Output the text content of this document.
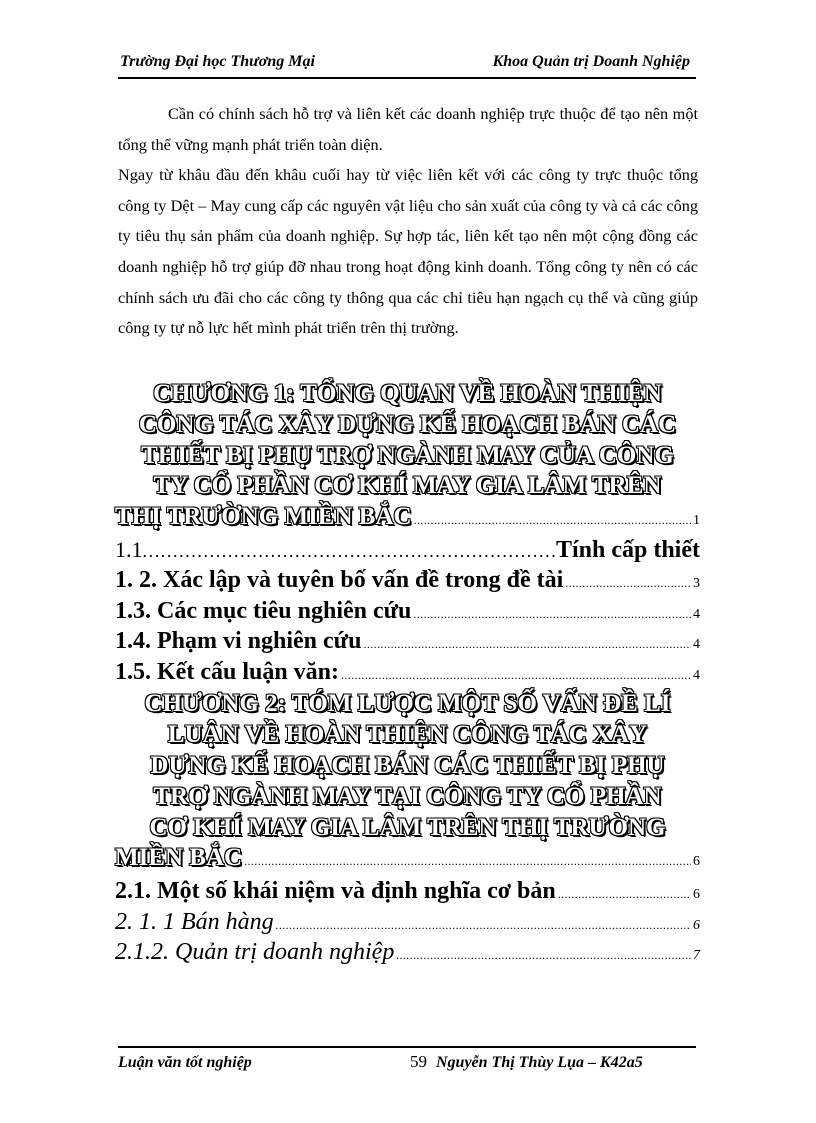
Trường Đại học Thương Mại	Khoa Quản trị Doanh Nghiệp

Cần có chính sách hỗ trợ và liên kết các doanh nghiệp trực thuộc để tạo nên một tổng thể vững mạnh phát triển toàn diện.

Ngay từ khâu đầu đến khâu cuối hay từ việc liên kết với các công ty trực thuộc tổng công ty Dệt – May cung cấp các nguyên vật liệu cho sản xuất của công ty và cả các công ty tiêu thụ sản phẩm của doanh nghiệp. Sự hợp tác, liên kết tạo nên một cộng đồng các doanh nghiệp hỗ trợ giúp đỡ nhau trong hoạt động kinh doanh. Tổng công ty nên có các chính sách ưu đãi cho các công ty thông qua các chỉ tiêu hạn ngạch cụ thể và cũng giúp công ty tự nỗ lực hết mình phát triển trên thị trường.

CHƯƠNG 1: TỔNG QUAN VỀ HOÀN THIỆN
CÔNG TÁC XÂY DỰNG KẾ HOẠCH BÁN CÁC
THIẾT BỊ PHỤ TRỢ NGÀNH MAY CỦA CÔNG
TY CỔ PHẦN CƠ KHÍ MAY GIA LÂM TRÊN
THỊ TRƯỜNG MIỀN BẮC .....	1
1.1 .....	Tính cấp thiết
1. 2. Xác lập và tuyên bố vấn đề trong đề tài .....	3
1.3. Các mục tiêu nghiên cứu .....	4
1.4. Phạm vi nghiên cứu .....	4
1.5. Kết cấu luận văn: .....	4
CHƯƠNG 2: TÓM LƯỢC MỘT SỐ VẤN ĐỀ LÍ
LUẬN VỀ HOÀN THIỆN CÔNG TÁC XÂY
DỰNG KẾ HOẠCH BÁN CÁC THIẾT BỊ PHỤ
TRỢ NGÀNH MAY TẠI CÔNG TY CỔ PHẦN
CƠ KHÍ MAY GIA LÂM TRÊN THỊ TRƯỜNG
MIỀN BẮC .....	6
2.1. Một số khái niệm và định nghĩa cơ bản .....	6
2. 1. 1 Bán hàng .....	6
2.1.2. Quản trị doanh nghiệp .....	7
Luận văn tốt nghiệp	59 Nguyễn Thị Thùy Lụa – K42a5
